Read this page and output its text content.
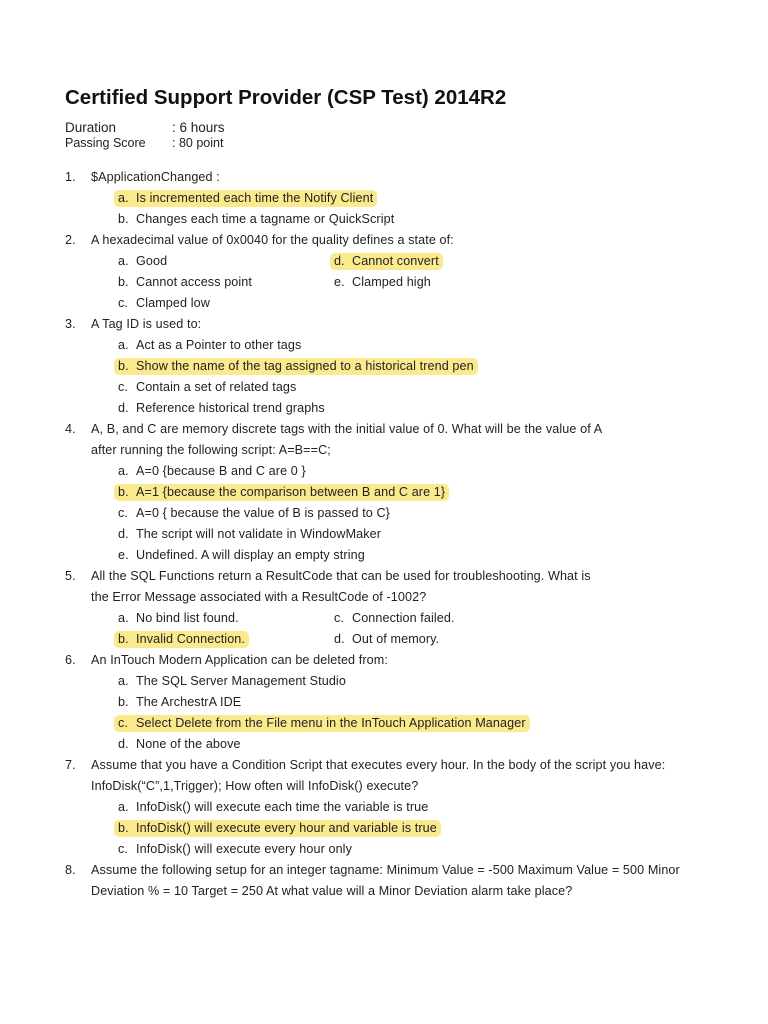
Certified Support Provider (CSP Test) 2014R2
Duration	: 6 hours
Passing Score : 80 point
1. $ApplicationChanged :
a. Is incremented each time the Notify Client
b. Changes each time a tagname or QuickScript
2. A hexadecimal value of 0x0040 for the quality defines a state of:
a. Good	d. Cannot convert
b. Cannot access point	e. Clamped high
c. Clamped low
3. A Tag ID is used to:
a. Act as a Pointer to other tags
b. Show the name of the tag assigned to a historical trend pen
c. Contain a set of related tags
d. Reference historical trend graphs
4. A, B, and C are memory discrete tags with the initial value of 0. What will be the value of A
after running the following script: A=B==C;
a. A=0 {because B and C are 0 }
b. A=1 {because the comparison between B and C are 1}
c. A=0 { because the value of B is passed to C}
d. The script will not validate in WindowMaker
e. Undefined. A will display an empty string
5. All the SQL Functions return a ResultCode that can be used for troubleshooting. What is
the Error Message associated with a ResultCode of -1002?
a. No bind list found.	c. Connection failed.
b. Invalid Connection.	d. Out of memory.
6. An InTouch Modern Application can be deleted from:
a. The SQL Server Management Studio
b. The ArchestrA IDE
c. Select Delete from the File menu in the InTouch Application Manager
d. None of the above
7. Assume that you have a Condition Script that executes every hour. In the body of the script you have:
InfoDisk(“C”,1,Trigger); How often will InfoDisk() execute?
a. InfoDisk() will execute each time the variable is true
b. InfoDisk() will execute every hour and variable is true
c. InfoDisk() will execute every hour only
8. Assume the following setup for an integer tagname: Minimum Value = -500 Maximum Value = 500 Minor
Deviation % = 10 Target = 250 At what value will a Minor Deviation alarm take place?
